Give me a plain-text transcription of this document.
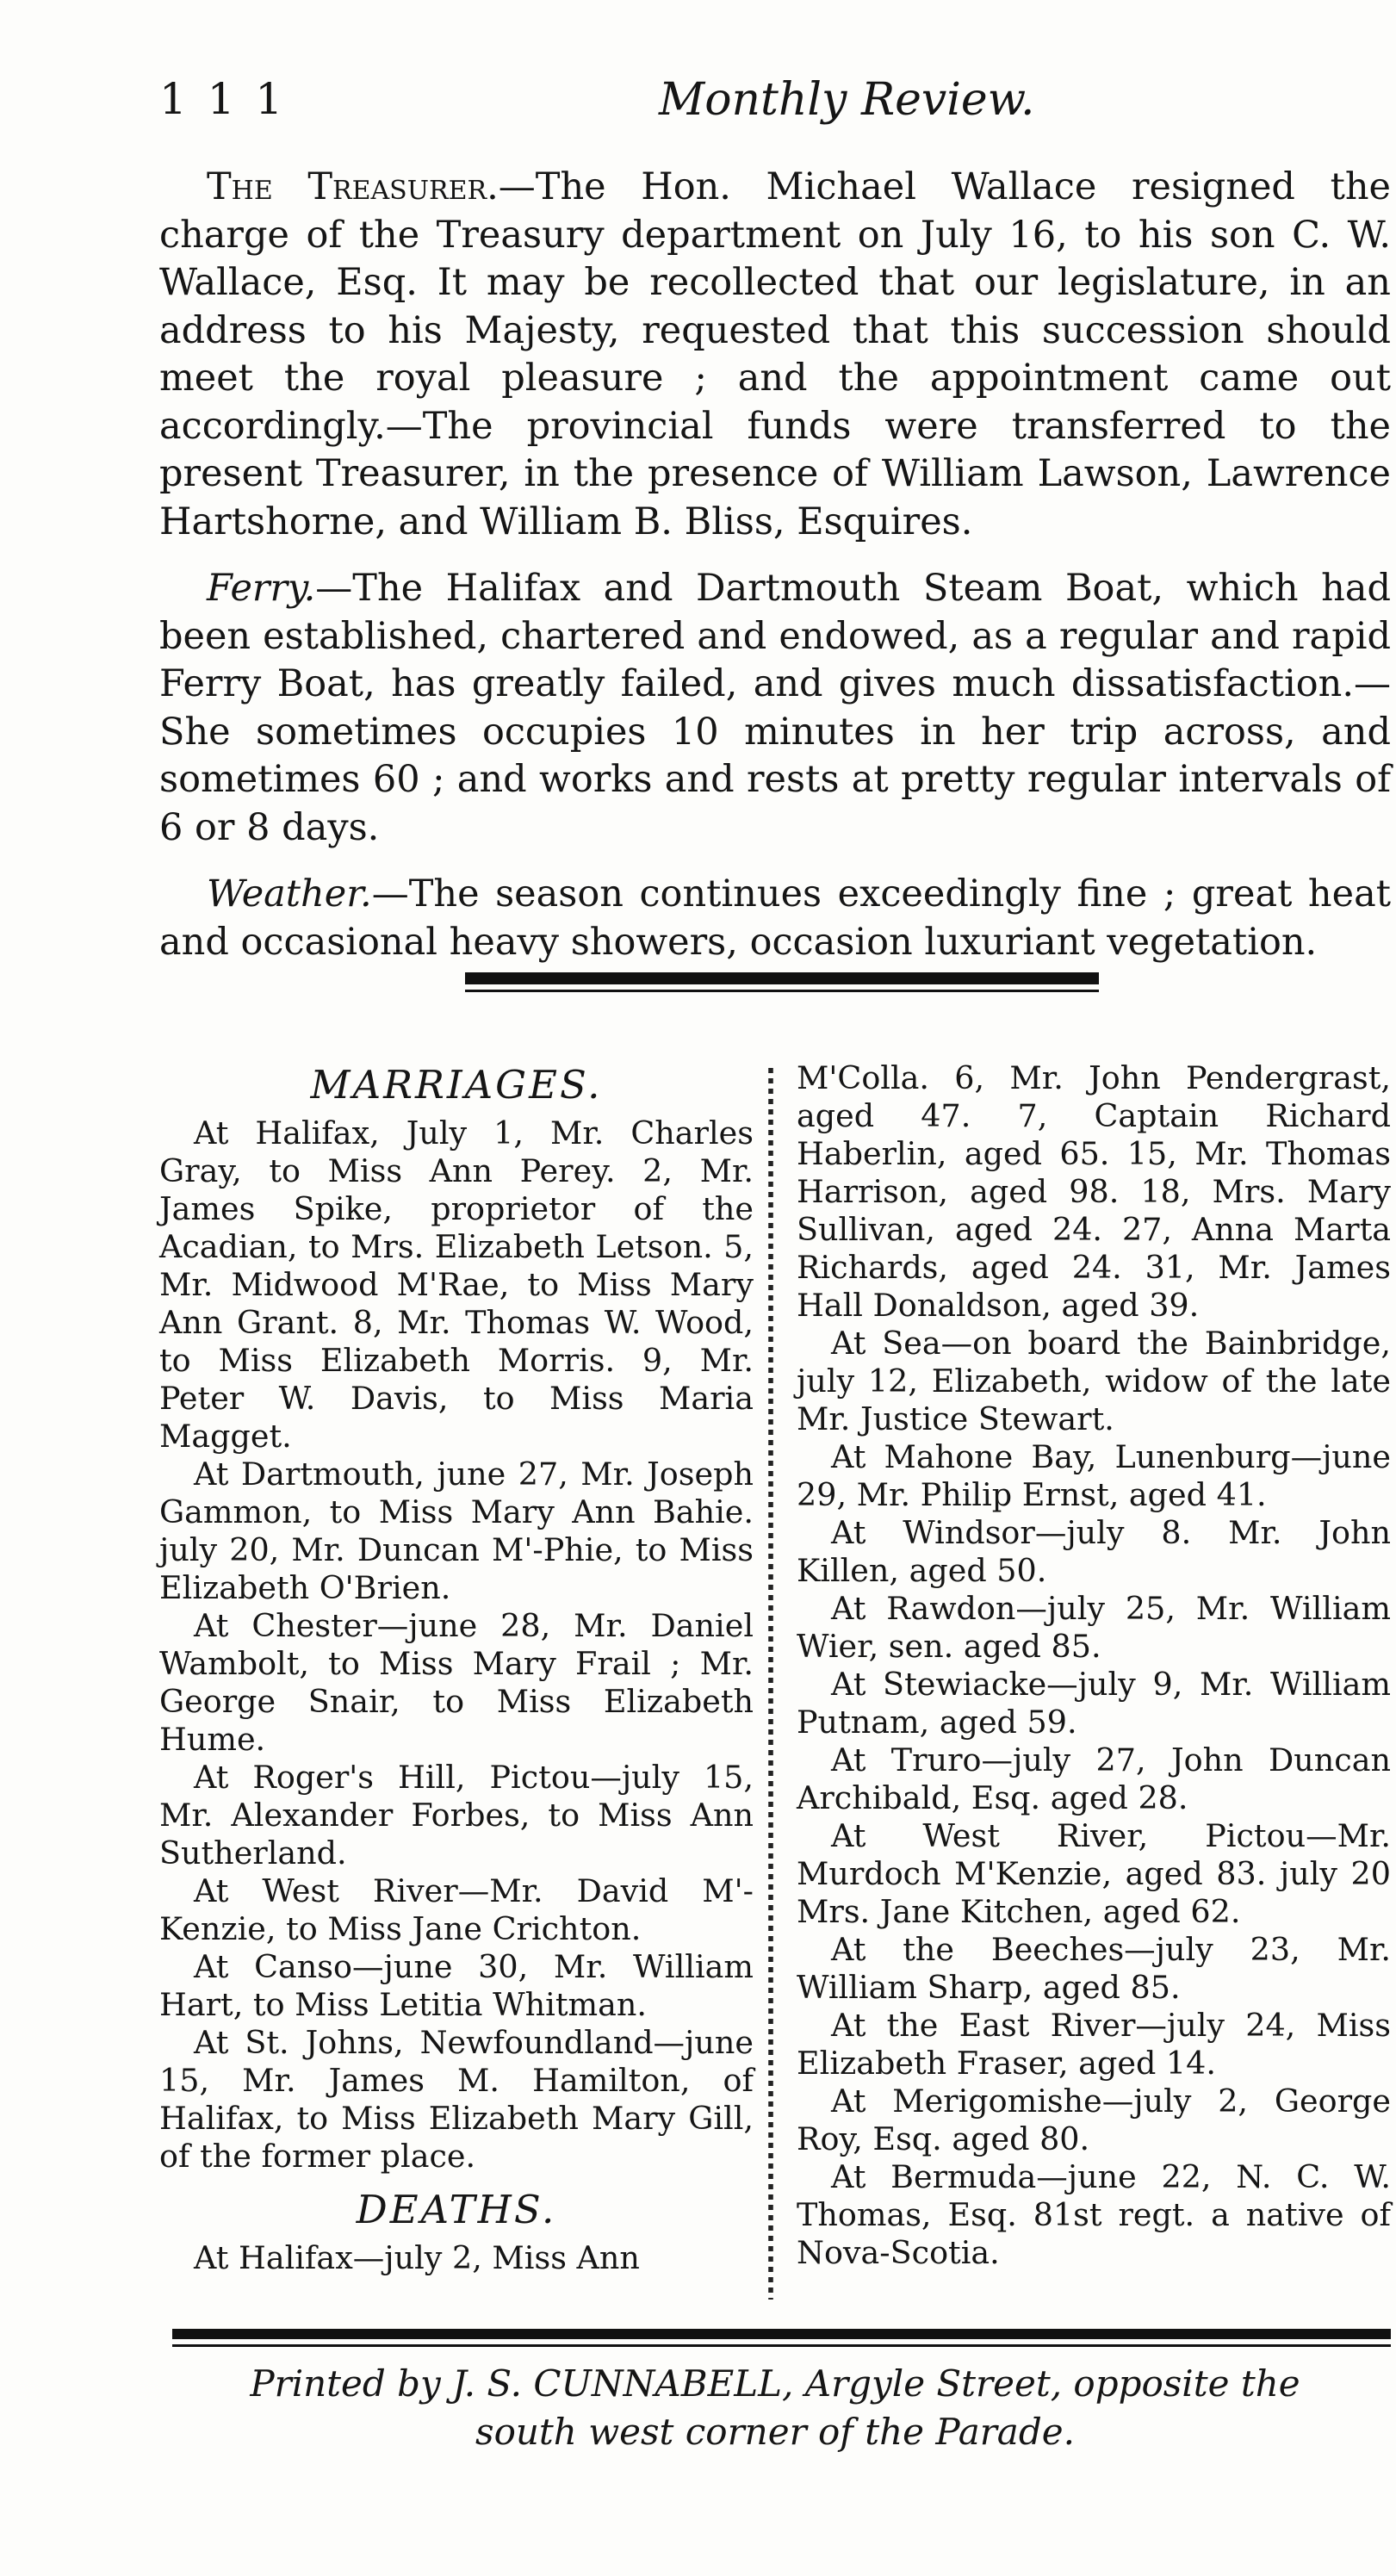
1 1 1	Monthly Review.

The Treasurer.—The Hon. Michael Wallace resigned the charge of the Treasury department on July 16, to his son C. W. Wallace, Esq. It may be recollected that our legislature, in an address to his Majesty, requested that this succession should meet the royal pleasure ; and the appointment came out accordingly.—The provincial funds were transferred to the present Treasurer, in the presence of William Lawson, Lawrence Hartshorne, and William B. Bliss, Esquires.

Ferry.—The Halifax and Dartmouth Steam Boat, which had been established, chartered and endowed, as a regular and rapid Ferry Boat, has greatly failed, and gives much dissatisfaction.—She sometimes occupies 10 minutes in her trip across, and sometimes 60 ; and works and rests at pretty regular intervals of 6 or 8 days.

Weather.—The season continues exceedingly fine ; great heat and occasional heavy showers, occasion luxuriant vegetation.

MARRIAGES.

At Halifax, July 1, Mr. Charles Gray, to Miss Ann Perey. 2, Mr. James Spike, proprietor of the Acadian, to Mrs. Elizabeth Letson. 5, Mr. Midwood M'Rae, to Miss Mary Ann Grant. 8, Mr. Thomas W. Wood, to Miss Elizabeth Morris. 9, Mr. Peter W. Davis, to Miss Maria Magget.

At Dartmouth, june 27, Mr. Joseph Gammon, to Miss Mary Ann Bahie. july 20, Mr. Duncan M'-Phie, to Miss Elizabeth O'Brien.

At Chester—june 28, Mr. Daniel Wambolt, to Miss Mary Frail ; Mr. George Snair, to Miss Elizabeth Hume.

At Roger's Hill, Pictou—july 15, Mr. Alexander Forbes, to Miss Ann Sutherland.

At West River—Mr. David M'-Kenzie, to Miss Jane Crichton.

At Canso—june 30, Mr. William Hart, to Miss Letitia Whitman.

At St. Johns, Newfoundland—june 15, Mr. James M. Hamilton, of Halifax, to Miss Elizabeth Mary Gill, of the former place.

DEATHS.

At Halifax—july 2, Miss Ann

M'Colla. 6, Mr. John Pendergrast, aged 47. 7, Captain Richard Haberlin, aged 65. 15, Mr. Thomas Harrison, aged 98. 18, Mrs. Mary Sullivan, aged 24. 27, Anna Marta Richards, aged 24. 31, Mr. James Hall Donaldson, aged 39.

At Sea—on board the Bainbridge, july 12, Elizabeth, widow of the late Mr. Justice Stewart.

At Mahone Bay, Lunenburg—june 29, Mr. Philip Ernst, aged 41.

At Windsor—july 8. Mr. John Killen, aged 50.

At Rawdon—july 25, Mr. William Wier, sen. aged 85.

At Stewiacke—july 9, Mr. William Putnam, aged 59.

At Truro—july 27, John Duncan Archibald, Esq. aged 28.

At West River, Pictou—Mr. Murdoch M'Kenzie, aged 83. july 20 Mrs. Jane Kitchen, aged 62.

At the Beeches—july 23, Mr. William Sharp, aged 85.

At the East River—july 24, Miss Elizabeth Fraser, aged 14.

At Merigomishe—july 2, George Roy, Esq. aged 80.

At Bermuda—june 22, N. C. W. Thomas, Esq. 81st regt. a native of Nova-Scotia.

Printed by J. S. CUNNABELL, Argyle Street, opposite the
south west corner of the Parade.
